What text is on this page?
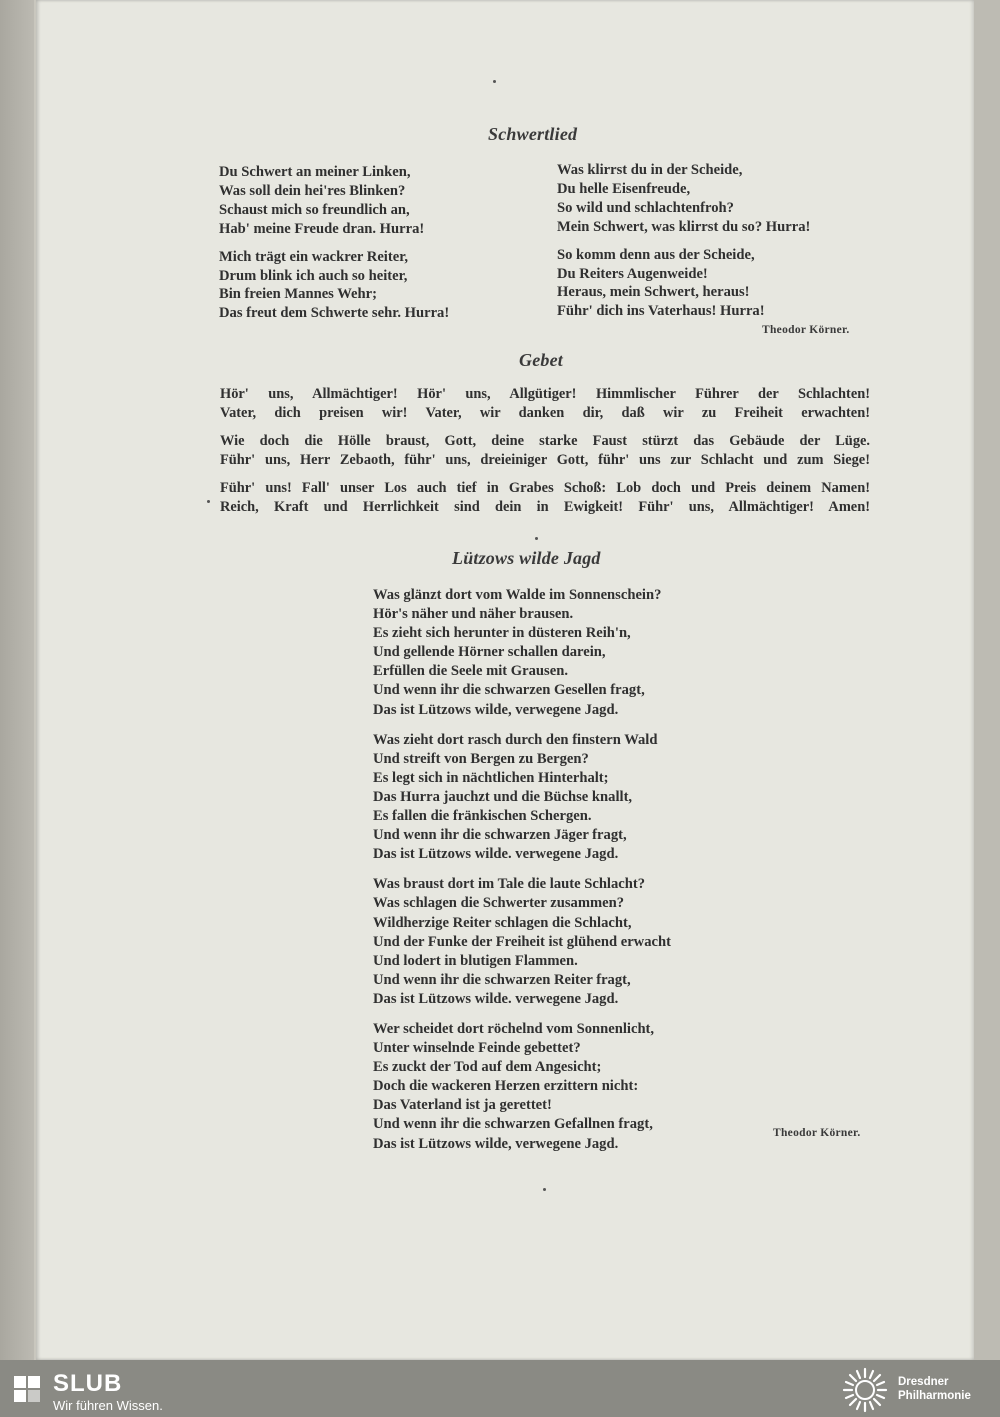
Schwertlied
Du Schwert an meiner Linken,
Was soll dein hei'res Blinken?
Schaust mich so freundlich an,
Hab' meine Freude dran. Hurra!
Mich trägt ein wackrer Reiter,
Drum blink ich auch so heiter,
Bin freien Mannes Wehr;
Das freut dem Schwerte sehr. Hurra!
Was klirrst du in der Scheide,
Du helle Eisenfreude,
So wild und schlachtenfroh?
Mein Schwert, was klirrst du so? Hurra!
So komm denn aus der Scheide,
Du Reiters Augenweide!
Heraus, mein Schwert, heraus!
Führ' dich ins Vaterhaus! Hurra!
Theodor Körner.
Gebet
Hör' uns, Allmächtiger! Hör' uns, Allgütiger! Himmlischer Führer der Schlachten!
Vater, dich preisen wir! Vater, wir danken dir, daß wir zu Freiheit erwachten!
Wie doch die Hölle braust, Gott, deine starke Faust stürzt das Gebäude der Lüge.
Führ' uns, Herr Zebaoth, führ' uns, dreieiniger Gott, führ' uns zur Schlacht und zum Siege!
Führ' uns! Fall' unser Los auch tief in Grabes Schoß: Lob doch und Preis deinem Namen!
Reich, Kraft und Herrlichkeit sind dein in Ewigkeit! Führ' uns, Allmächtiger! Amen!
Lützows wilde Jagd
Was glänzt dort vom Walde im Sonnenschein?
Hör's näher und näher brausen.
Es zieht sich herunter in düsteren Reih'n,
Und gellende Hörner schallen darein,
Erfüllen die Seele mit Grausen.
Und wenn ihr die schwarzen Gesellen fragt,
Das ist Lützows wilde, verwegene Jagd.
Was zieht dort rasch durch den finstern Wald
Und streift von Bergen zu Bergen?
Es legt sich in nächtlichen Hinterhalt;
Das Hurra jauchzt und die Büchse knallt,
Es fallen die fränkischen Schergen.
Und wenn ihr die schwarzen Jäger fragt,
Das ist Lützows wilde. verwegene Jagd.
Was braust dort im Tale die laute Schlacht?
Was schlagen die Schwerter zusammen?
Wildherzige Reiter schlagen die Schlacht,
Und der Funke der Freiheit ist glühend erwacht
Und lodert in blutigen Flammen.
Und wenn ihr die schwarzen Reiter fragt,
Das ist Lützows wilde. verwegene Jagd.
Wer scheidet dort röchelnd vom Sonnenlicht,
Unter winselnde Feinde gebettet?
Es zuckt der Tod auf dem Angesicht;
Doch die wackeren Herzen erzittern nicht:
Das Vaterland ist ja gerettet!
Und wenn ihr die schwarzen Gefallnen fragt,
Das ist Lützows wilde, verwegene Jagd.
Theodor Körner.
SLUB
Wir führen Wissen.
Dresdner
Philharmonie
